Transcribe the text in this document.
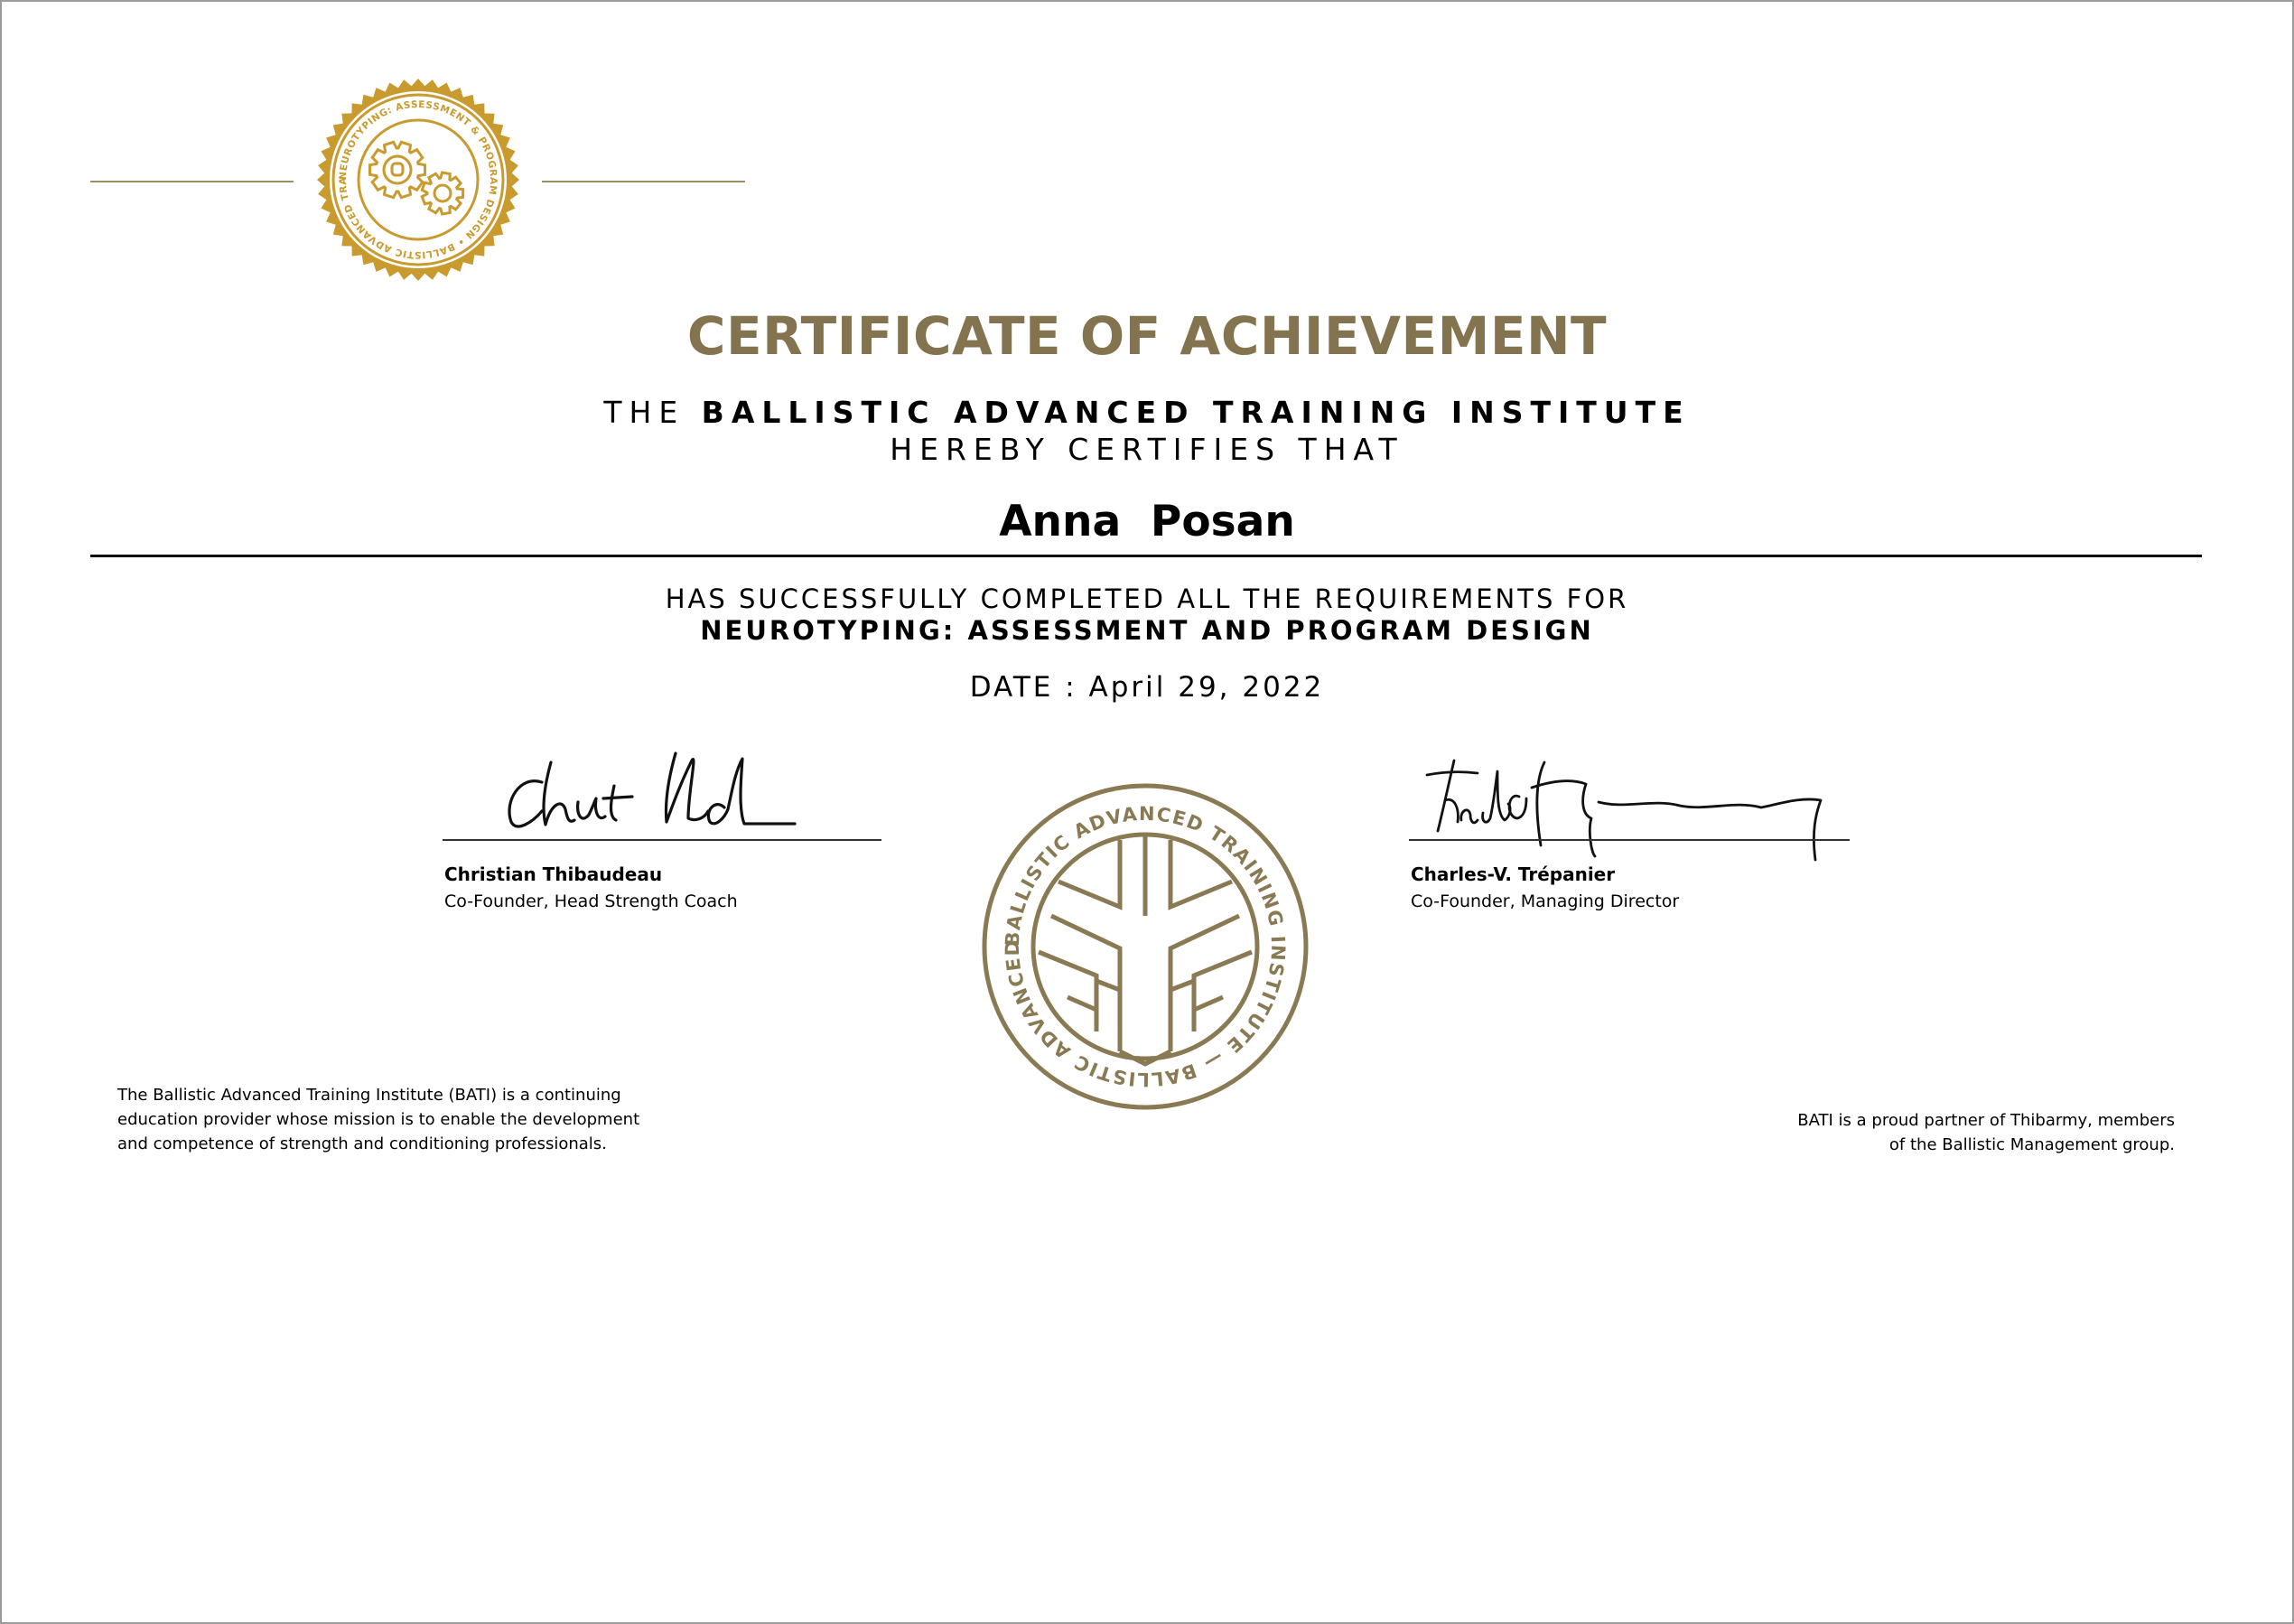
NEUROTYPING: ASSESSMENT & PROGRAM DESIGN • BALLISTIC ADVANCED TRA
CERTIFICATE OF ACHIEVEMENT
THE BALLISTIC ADVANCED TRAINING INSTITUTE
HEREBY CERTIFIES THAT
Anna  Posan
HAS SUCCESSFULLY COMPLETED ALL THE REQUIREMENTS FOR
NEUROTYPING: ASSESSMENT AND PROGRAM DESIGN
DATE : April 29, 2022
Christian Thibaudeau
Co-Founder, Head Strength Coach
Charles-V. Trépanier
Co-Founder, Managing Director
BALLISTIC ADVANCED TRAINING INSTITUTE — BALLISTIC ADVANCED
The Ballistic Advanced Training Institute (BATI) is a continuing
education provider whose mission is to enable the development
and competence of strength and conditioning professionals.
BATI is a proud partner of Thibarmy, members
of the Ballistic Management group.
